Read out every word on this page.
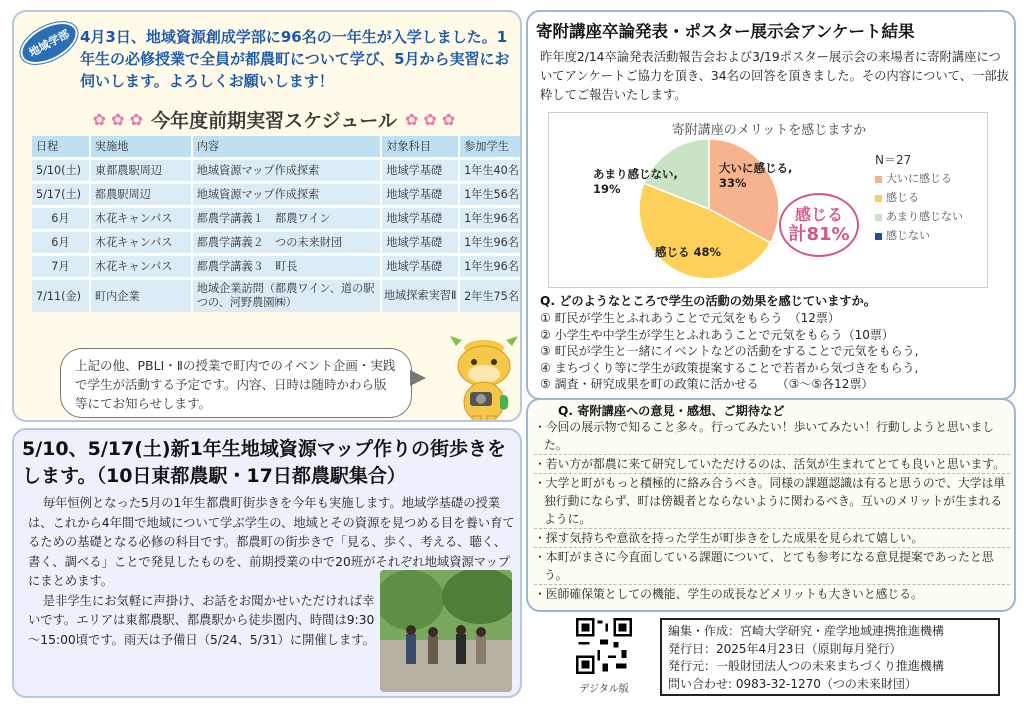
地域学部 4月3日、地域資源創成学部に96名の一年生が入学しました。1年生の必修授業で全員が都農町について学び、5月から実習にお伺いします。よろしくお願いします！
✿ ✿ ✿ 今年度前期実習スケジュール ✿ ✿ ✿
日程	実施地	内容	対象科目	参加学生
5/10(土)	東都農駅周辺	地域資源マップ作成探索	地域学基礎	1年生40名
5/17(土)	都農駅周辺	地域資源マップ作成探索	地域学基礎	1年生56名
6月	木花キャンパス	都農学講義１　都農ワイン	地域学基礎	1年生96名
6月	木花キャンパス	都農学講義２　つの未来財団	地域学基礎	1年生96名
7月	木花キャンパス	都農学講義３　町長	地域学基礎	1年生96名
7/11(金)	町内企業	地域企業訪問（都農ワイン、道の駅つの、河野農園㈱）	地域探索実習Ⅱ	2年生75名
上記の他、PBLⅠ・Ⅱの授業で町内でのイベント企画・実践で学生が活動する予定です。内容、日時は随時かわら版等にてお知らせします。
5/10、5/17(土)新1年生地域資源マップ作りの街歩きをします。（10日東都農駅・17日都農駅集合）

毎年恒例となった5月の1年生都農町街歩きを今年も実施します。地域学基礎の授業は、これから4年間で地域について学ぶ学生の、地域とその資源を見つめる目を養い育てるための基礎となる必修の科目です。都農町の街歩きで「見る、歩く、考える、聴く、書く、調べる」ことで発見したものを、前期授業の中で20班がそれぞれ地域資源マップにまとめます。

是非学生にお気軽に声掛け、お話をお聞かせいただければ幸いです。エリアは東都農駅、都農駅から徒歩圏内、時間は9:30～15:00頃です。雨天は予備日（5/24、5/31）に開催します。

寄附講座卒論発表・ポスター展示会アンケート結果
昨年度2/14卒論発表活動報告会および3/19ポスター展示会の来場者に寄附講座についてアンケートご協力を頂き、34名の回答を頂きました。その内容について、一部抜粋してご報告いたします。
寄附講座のメリットを感じますか
N＝27
大いに感じる
感じる
あまり感じない
感じない
大いに感じる,
33%
感じる 48%
あまり感じない,
19%
感じる
計81%
Q. どのようなところで学生の活動の効果を感じていますか。
① 町民が学生とふれあうことで元気をもらう　（12票）
② 小学生や中学生が学生とふれあうことで元気をもらう（10票）
③ 町民が学生と一緒にイベントなどの活動をすることで元気をもらう,
④ まちづくり等に学生が政策提案することで若者から気づきをもらう,
⑤ 調査・研究成果を町の政策に活かせる　　（③～⑤各12票）
Q. 寄附講座への意見・感想、ご期待など
・今回の展示物で知ること多々。行ってみたい！歩いてみたい！行動しようと思いました。
・若い方が都農に来て研究していただけるのは、活気が生まれてとても良いと思います。
・大学と町がもっと積極的に絡み合うべき。同様の課題認識は有ると思うので、大学は単独行動にならず、町は傍観者とならないように関わるべき。互いのメリットが生まれるように。
・探す気持ちや意欲を持った学生が町歩きをした成果を見られて嬉しい。
・本町がまさに今直面している課題について、とても参考になる意見提案であったと思う。
・医師確保策としての機能、学生の成長などメリットも大きいと感じる。
デジタル版
編集・作成：宮崎大学研究・産学地域連携推進機構
発行日：2025年4月23日（原則毎月発行）
発行元：一般財団法人つの未来まちづくり推進機構
問い合わせ: 0983-32-1270（つの未来財団）
